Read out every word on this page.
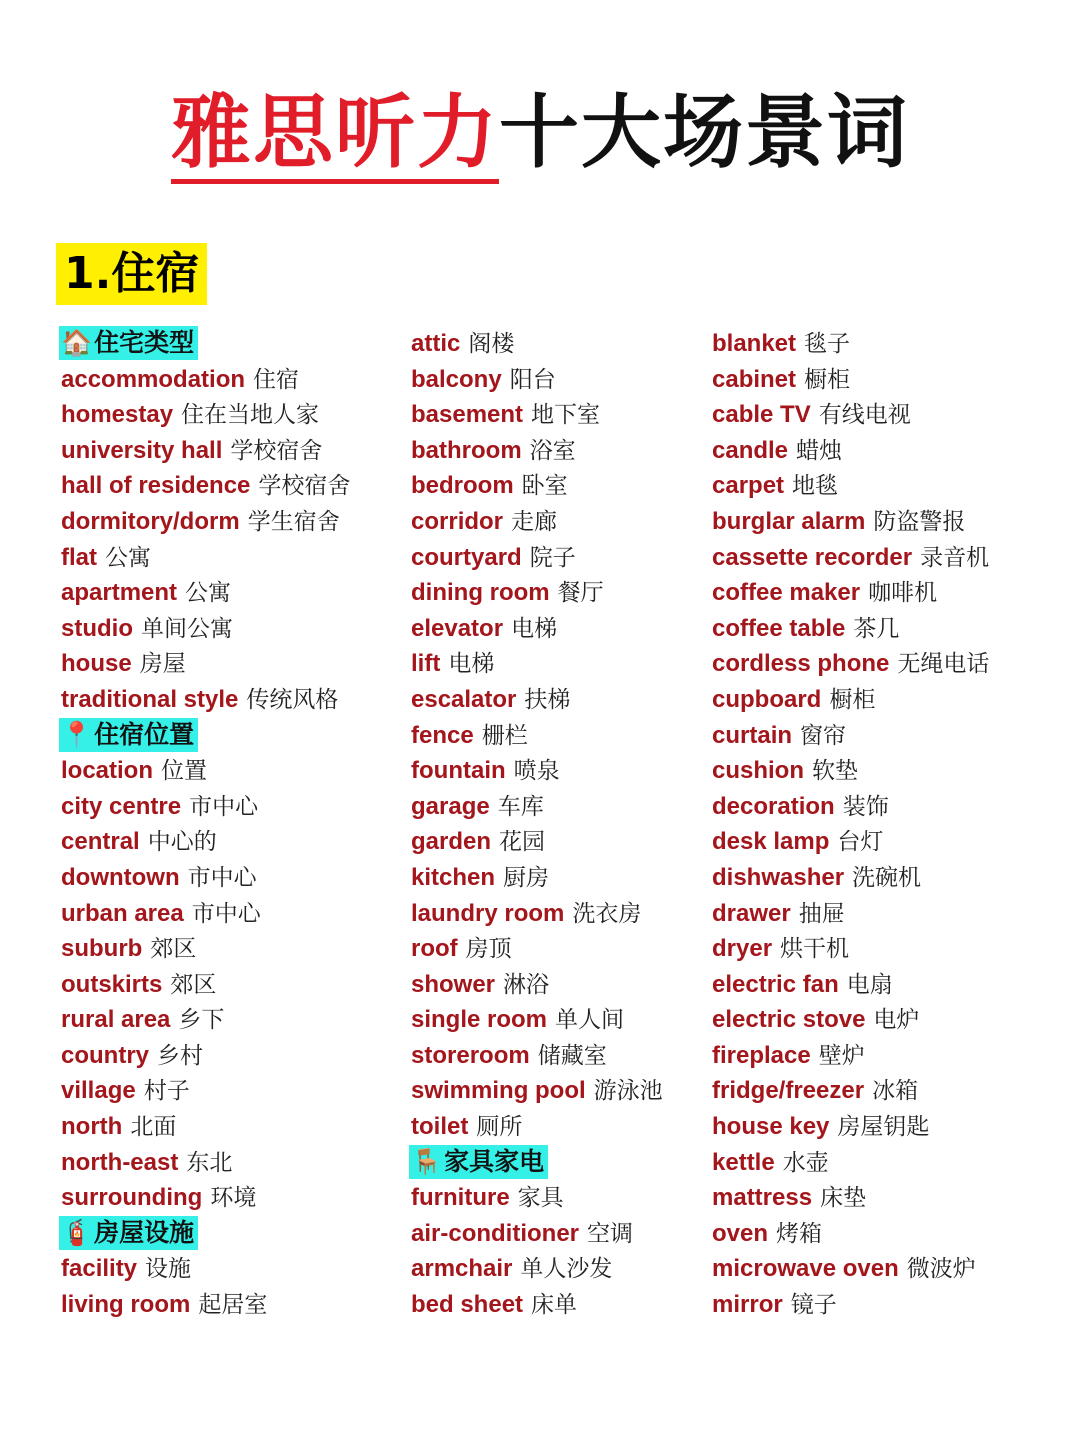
雅思听力十大场景词
1.住宿
🏠住宅类型
accommodation 住宿
homestay 住在当地人家
university hall 学校宿舍
hall of residence 学校宿舍
dormitory/dorm 学生宿舍
flat 公寓
apartment 公寓
studio 单间公寓
house 房屋
traditional style 传统风格
📍住宿位置
location 位置
city centre 市中心
central 中心的
downtown 市中心
urban area 市中心
suburb 郊区
outskirts 郊区
rural area 乡下
country 乡村
village 村子
north 北面
north-east 东北
surrounding 环境
🧯房屋设施
facility 设施
living room 起居室
attic 阁楼
balcony 阳台
basement 地下室
bathroom 浴室
bedroom 卧室
corridor 走廊
courtyard 院子
dining room 餐厅
elevator 电梯
lift 电梯
escalator 扶梯
fence 栅栏
fountain 喷泉
garage 车库
garden 花园
kitchen 厨房
laundry room 洗衣房
roof 房顶
shower 淋浴
single room 单人间
storeroom 储藏室
swimming pool 游泳池
toilet 厕所
🪑家具家电
furniture 家具
air-conditioner 空调
armchair 单人沙发
bed sheet 床单
blanket 毯子
cabinet 橱柜
cable TV 有线电视
candle 蜡烛
carpet 地毯
burglar alarm 防盗警报
cassette recorder 录音机
coffee maker 咖啡机
coffee table 茶几
cordless phone 无绳电话
cupboard 橱柜
curtain 窗帘
cushion 软垫
decoration 装饰
desk lamp 台灯
dishwasher 洗碗机
drawer 抽屉
dryer 烘干机
electric fan 电扇
electric stove 电炉
fireplace 壁炉
fridge/freezer 冰箱
house key 房屋钥匙
kettle 水壶
mattress 床垫
oven 烤箱
microwave oven 微波炉
mirror 镜子
